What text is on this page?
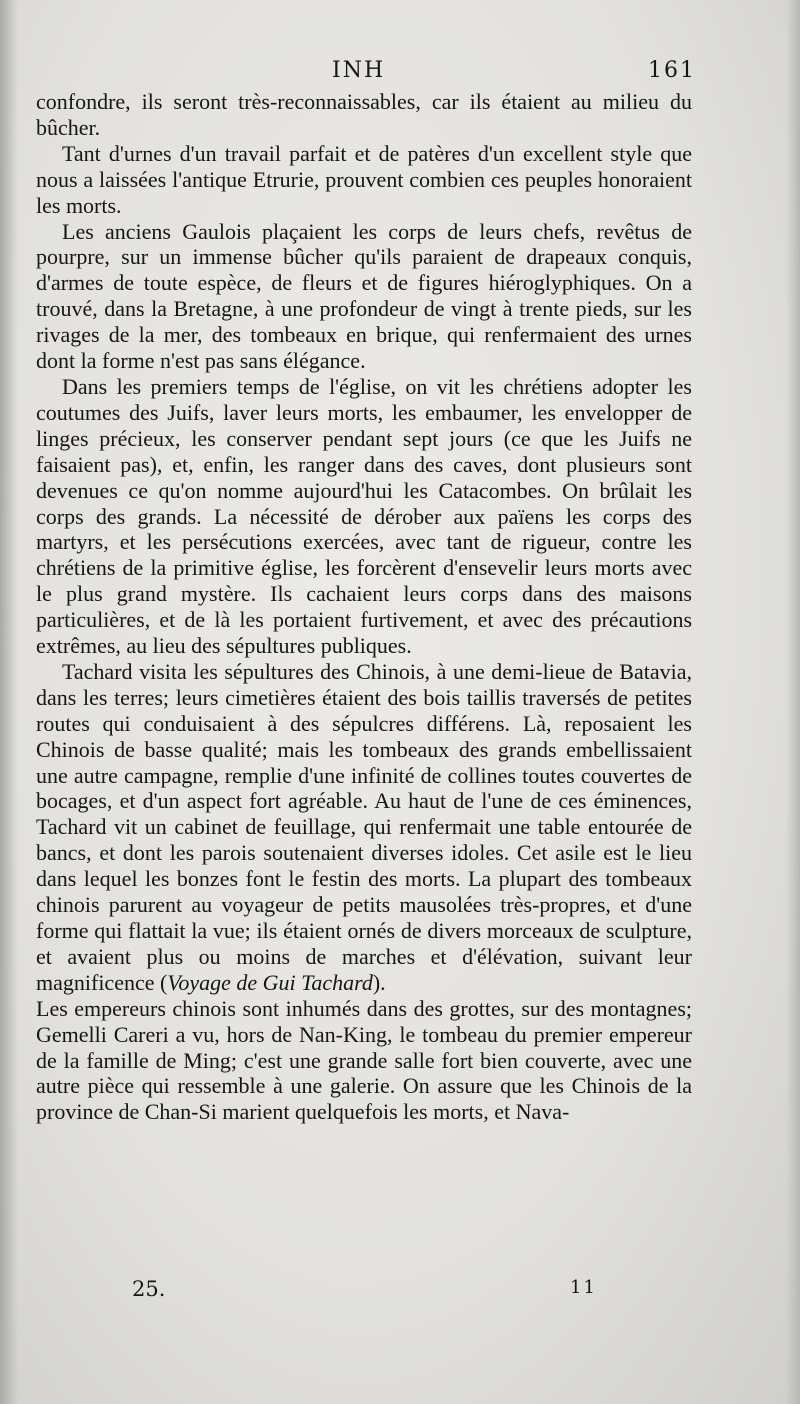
INH	161

confondre, ils seront très-reconnaissables, car ils étaient au milieu du bûcher.

Tant d'urnes d'un travail parfait et de patères d'un excellent style que nous a laissées l'antique Etrurie, prouvent combien ces peuples honoraient les morts.

Les anciens Gaulois plaçaient les corps de leurs chefs, revêtus de pourpre, sur un immense bûcher qu'ils paraient de drapeaux conquis, d'armes de toute espèce, de fleurs et de figures hiéroglyphiques. On a trouvé, dans la Bretagne, à une profondeur de vingt à trente pieds, sur les rivages de la mer, des tombeaux en brique, qui renfermaient des urnes dont la forme n'est pas sans élégance.

Dans les premiers temps de l'église, on vit les chrétiens adopter les coutumes des Juifs, laver leurs morts, les embaumer, les envelopper de linges précieux, les conserver pendant sept jours (ce que les Juifs ne faisaient pas), et, enfin, les ranger dans des caves, dont plusieurs sont devenues ce qu'on nomme aujourd'hui les Catacombes. On brûlait les corps des grands. La nécessité de dérober aux païens les corps des martyrs, et les persécutions exercées, avec tant de rigueur, contre les chrétiens de la primitive église, les forcèrent d'ensevelir leurs morts avec le plus grand mystère. Ils cachaient leurs corps dans des maisons particulières, et de là les portaient furtivement, et avec des précautions extrêmes, au lieu des sépultures publiques.

Tachard visita les sépultures des Chinois, à une demi-lieue de Batavia, dans les terres; leurs cimetières étaient des bois taillis traversés de petites routes qui conduisaient à des sépulcres différens. Là, reposaient les Chinois de basse qualité; mais les tombeaux des grands embellissaient une autre campagne, remplie d'une infinité de collines toutes couvertes de bocages, et d'un aspect fort agréable. Au haut de l'une de ces éminences, Tachard vit un cabinet de feuillage, qui renfermait une table entourée de bancs, et dont les parois soutenaient diverses idoles. Cet asile est le lieu dans lequel les bonzes font le festin des morts. La plupart des tombeaux chinois parurent au voyageur de petits mausolées très-propres, et d'une forme qui flattait la vue; ils étaient ornés de divers morceaux de sculpture, et avaient plus ou moins de marches et d'élévation, suivant leur magnificence (Voyage de Gui Tachard).

Les empereurs chinois sont inhumés dans des grottes, sur des montagnes; Gemelli Careri a vu, hors de Nan-King, le tombeau du premier empereur de la famille de Ming; c'est une grande salle fort bien couverte, avec une autre pièce qui ressemble à une galerie. On assure que les Chinois de la province de Chan-Si marient quelquefois les morts, et Nava-

25.	11
